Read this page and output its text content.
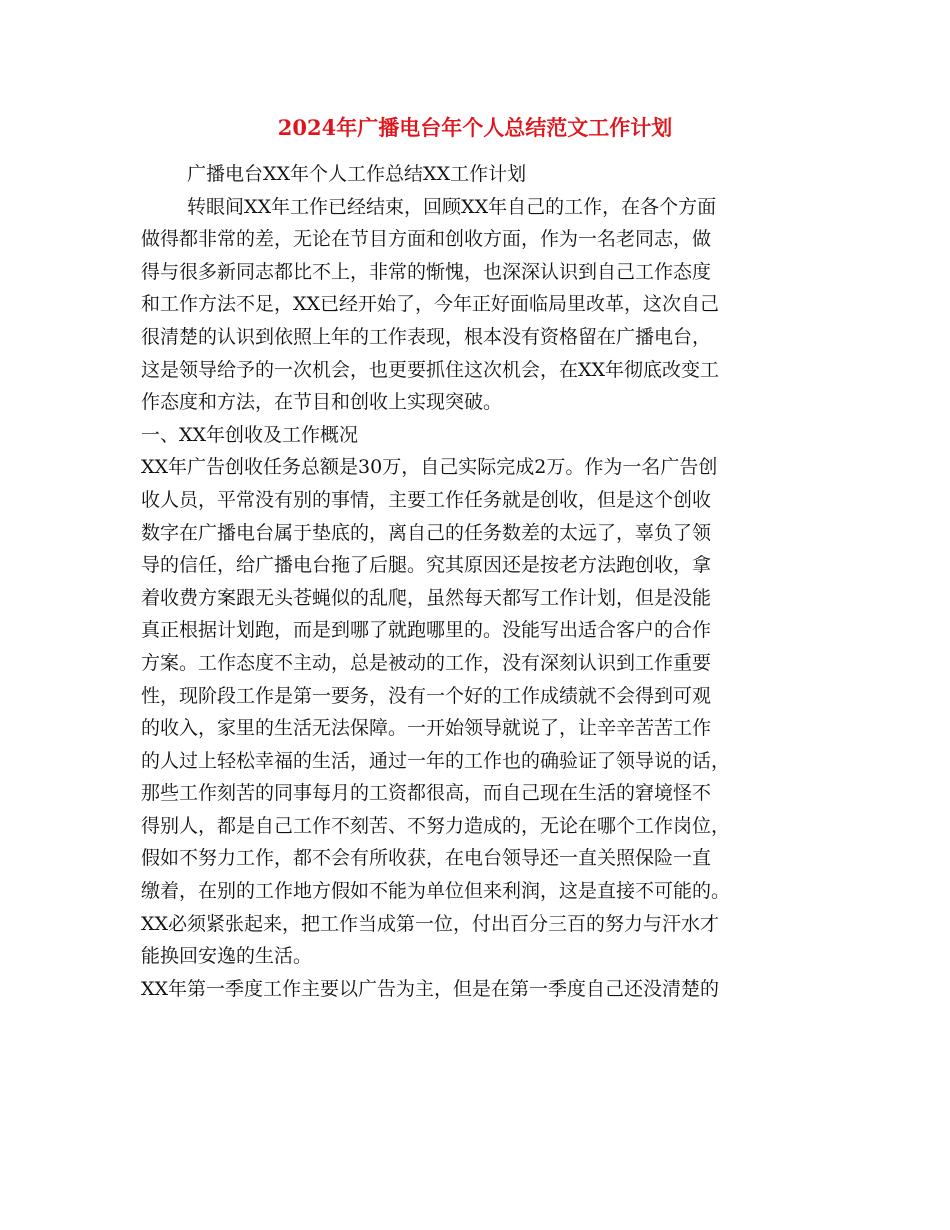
2024年广播电台年个人总结范文工作计划
广播电台XX年个人工作总结XX工作计划
转眼间XX年工作已经结束，回顾XX年自己的工作，在各个方面
做得都非常的差，无论在节目方面和创收方面，作为一名老同志，做
得与很多新同志都比不上，非常的惭愧，也深深认识到自己工作态度
和工作方法不足，XX已经开始了，今年正好面临局里改革，这次自己
很清楚的认识到依照上年的工作表现，根本没有资格留在广播电台，
这是领导给予的一次机会，也更要抓住这次机会，在XX年彻底改变工
作态度和方法，在节目和创收上实现突破。
一、XX年创收及工作概况
XX年广告创收任务总额是30万，自己实际完成2万。作为一名广告创
收人员，平常没有别的事情，主要工作任务就是创收，但是这个创收
数字在广播电台属于垫底的，离自己的任务数差的太远了，辜负了领
导的信任，给广播电台拖了后腿。究其原因还是按老方法跑创收，拿
着收费方案跟无头苍蝇似的乱爬，虽然每天都写工作计划，但是没能
真正根据计划跑，而是到哪了就跑哪里的。没能写出适合客户的合作
方案。工作态度不主动，总是被动的工作，没有深刻认识到工作重要
性，现阶段工作是第一要务，没有一个好的工作成绩就不会得到可观
的收入，家里的生活无法保障。一开始领导就说了，让辛辛苦苦工作
的人过上轻松幸福的生活，通过一年的工作也的确验证了领导说的话，
那些工作刻苦的同事每月的工资都很高，而自己现在生活的窘境怪不
得别人，都是自己工作不刻苦、不努力造成的，无论在哪个工作岗位，
假如不努力工作，都不会有所收获，在电台领导还一直关照保险一直
缴着，在别的工作地方假如不能为单位但来利润，这是直接不可能的。
XX必须紧张起来，把工作当成第一位，付出百分三百的努力与汗水才
能换回安逸的生活。
XX年第一季度工作主要以广告为主，但是在第一季度自己还没清楚的
